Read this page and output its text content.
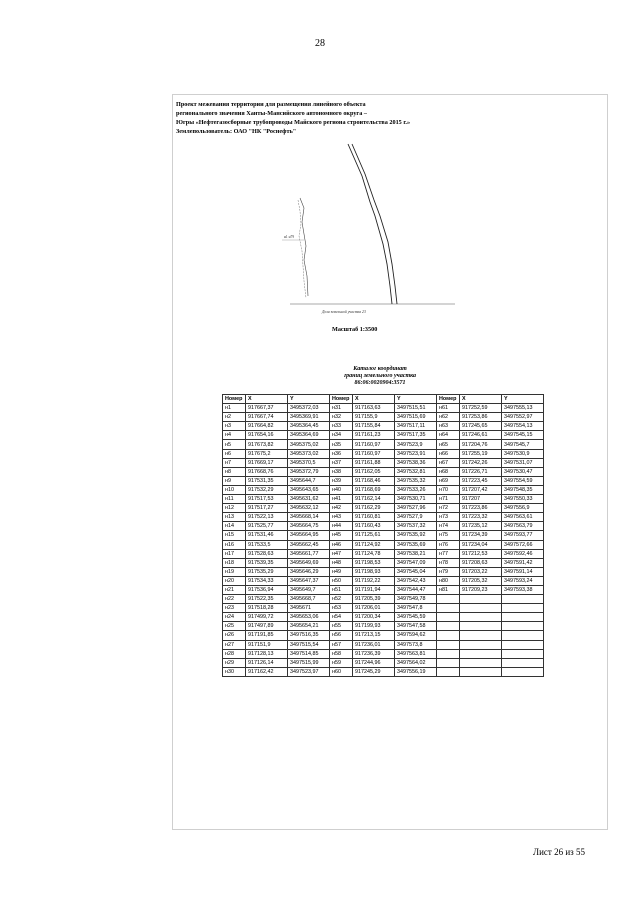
28
Проект межевания территории для размещения линейного объекта
регионального значения Ханты-Мансийского автономного округа –
Югры «Нефтегазосборные трубопроводы Майского региона строительства 2015 г.»
Землепользователь: ОАО "НК "Роснефть"
н1 н79
Доля земельной участка 23
Масштаб 1:3500
Каталог координат
границ земельного участка
86:06:0020904:3571
Номер	X	Y	Номер	X	Y	Номер	X	Y
н1	917667,37	3495372,03	н31	917163,63	3497515,51	н61	917252,59	3497555,13
н2	917667,74	3495369,91	н32	917155,9	3497515,69	н62	917253,86	3497552,97
н3	917664,82	3495364,45	н33	917155,84	3497517,11	н63	917245,65	3497554,13
н4	917654,16	3495364,69	н34	917161,23	3497517,35	н64	917246,61	3497545,15
н5	917673,82	3495375,02	н35	917160,97	3497523,9	н65	917204,76	3497545,7
н6	917675,2	3495373,02	н36	917160,97	3497523,91	н66	917255,19	3497530,9
н7	917669,17	3495370,5	н37	917161,88	3497538,36	н67	917242,26	3497531,07
н8	917668,76	3495372,79	н38	917162,05	3497532,81	н68	917226,71	3497530,47
н9	917531,35	3495644,7	н39	917168,46	3497535,32	н69	917223,45	3497554,59
н10	917532,29	3495643,65	н40	917168,69	3497533,26	н70	917207,42	3497548,35
н11	917517,53	3495631,62	н41	917162,14	3497530,71	н71	917207	3497550,33
н12	917517,27	3495632,12	н42	917162,29	3497527,96	н72	917223,86	3497556,9
н13	917522,13	3495668,14	н43	917160,81	3497527,9	н73	917223,32	3497563,61
н14	917525,77	3495664,75	н44	917160,43	3497537,32	н74	917235,12	3497563,79
н15	917531,46	3495664,95	н45	917125,61	3497535,92	н75	917234,39	3497593,77
н16	917533,5	3495662,45	н46	917124,92	3497535,69	н76	917234,04	3497572,66
н17	917528,63	3495661,77	н47	917124,78	3497538,21	н77	917212,53	3497592,46
н18	917539,35	3495649,69	н48	917198,53	3497547,09	н78	917208,63	3497591,42
н19	917535,29	3495646,29	н49	917198,93	3497545,04	н79	917203,22	3497591,14
н20	917534,33	3495647,37	н50	917192,22	3497542,43	н80	917205,32	3497593,24
н21	917536,94	3495649,7	н51	917191,94	3497544,47	н81	917209,23	3497593,38
н22	917522,35	3495668,7	н52	917205,39	3497549,78			
н23	917518,28	3495671	н53	917206,01	3497547,8			
н24	917499,72	3495653,06	н54	917200,34	3497545,59			
н25	917497,89	3495654,21	н55	917199,93	3497547,58			
н26	917191,85	3497516,35	н56	917213,15	3497594,62			
н27	917151,9	3497515,54	н57	917236,01	3497573,8			
н28	917128,13	3497514,85	н58	917236,39	3497563,81			
н29	917126,14	3497515,99	н59	917244,96	3497564,02			
н30	917162,42	3497523,97	н60	917245,29	3497556,19			
Лист 26 из 55
